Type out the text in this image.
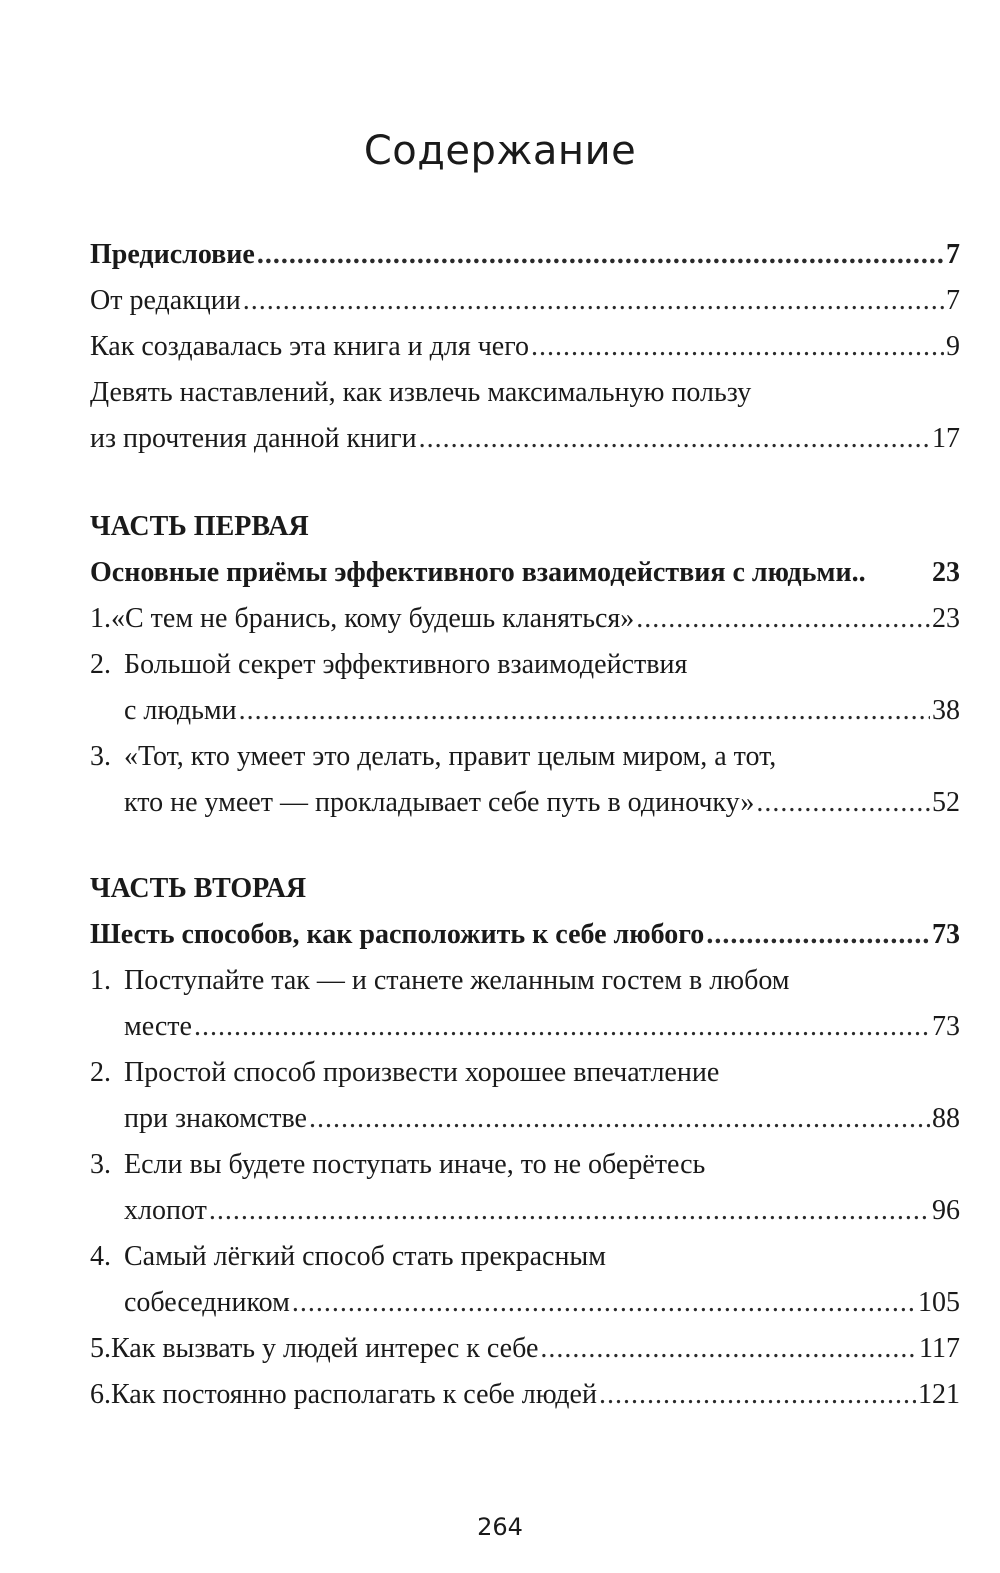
Содержание
Предисловие .....	7
От редакции .....	7
Как создавалась эта книга и для чего .....	9
Девять наставлений, как извлечь максимальную пользу
из прочтения данной книги .....	17
ЧАСТЬ ПЕРВАЯ
Основные приёмы эффективного взаимодействия с людьми.. 23
1. «С тем не бранись, кому будешь кланяться» .....	23
2. Большой секрет эффективного взаимодействия
с людьми .....	38
3. «Тот, кто умеет это делать, правит целым миром, а тот,
кто не умеет — прокладывает себе путь в одиночку» .....	52
ЧАСТЬ ВТОРАЯ
Шесть способов, как расположить к себе любого .....	73
1. Поступайте так — и станете желанным гостем в любом
месте .....	73
2. Простой способ произвести хорошее впечатление
при знакомстве .....	88
3. Если вы будете поступать иначе, то не оберётесь
хлопот .....	96
4. Самый лёгкий способ стать прекрасным
собеседником .....	105
5. Как вызвать у людей интерес к себе .....	117
6. Как постоянно располагать к себе людей .....	121
264
